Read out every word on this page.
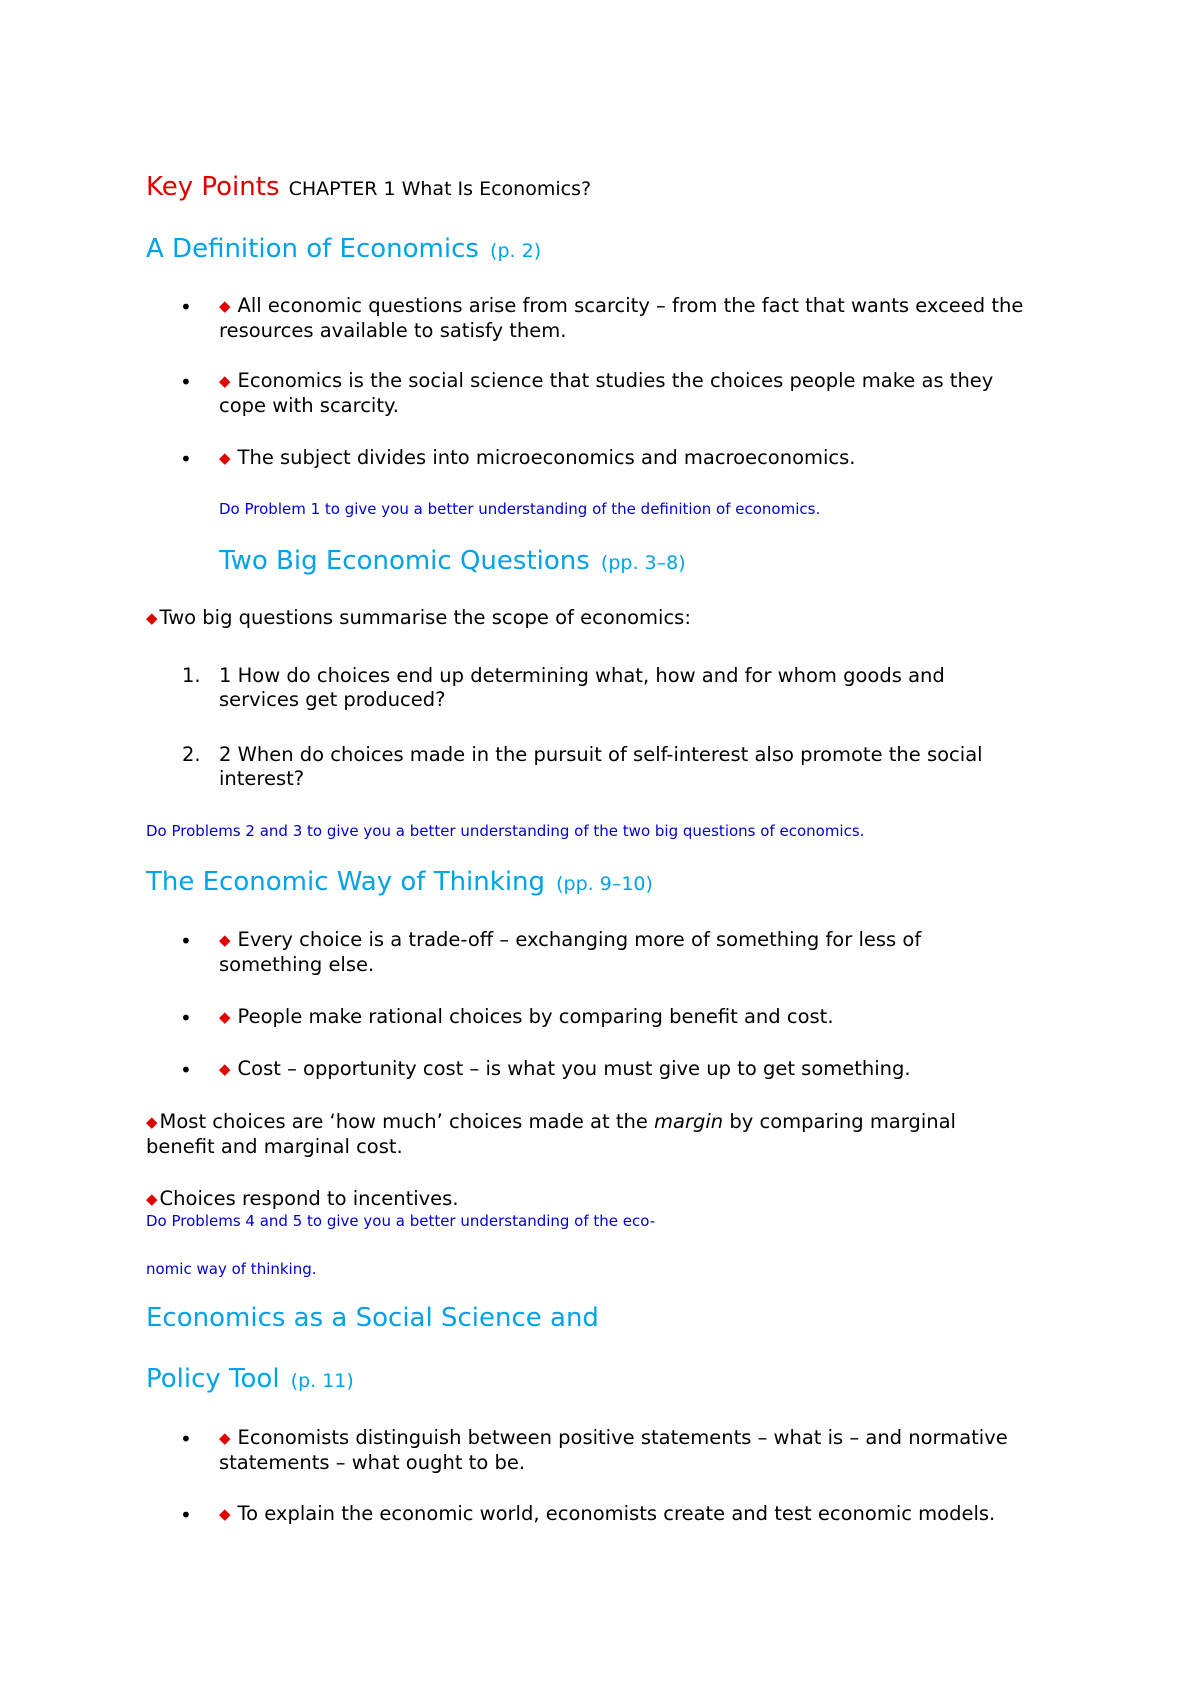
Key Points CHAPTER 1 What Is Economics?
A Definition of Economics (p. 2)
• ◆ All economic questions arise from scarcity – from the fact that wants exceed the
resources available to satisfy them.
• ◆ Economics is the social science that studies the choices people make as they
cope with scarcity.
• ◆ The subject divides into microeconomics and macroeconomics.
Do Problem 1 to give you a better understanding of the definition of economics.
Two Big Economic Questions (pp. 3–8)
◆ Two big questions summarise the scope of economics:
1. 1 How do choices end up determining what, how and for whom goods and
services get produced?
2. 2 When do choices made in the pursuit of self-interest also promote the social
interest?
Do Problems 2 and 3 to give you a better understanding of the two big questions of economics.
The Economic Way of Thinking (pp. 9–10)
• ◆ Every choice is a trade-off – exchanging more of something for less of
something else.
• ◆ People make rational choices by comparing benefit and cost.
• ◆ Cost – opportunity cost – is what you must give up to get something.
◆ Most choices are ‘how much’ choices made at the margin by comparing marginal
benefit and marginal cost.
◆ Choices respond to incentives.
Do Problems 4 and 5 to give you a better understanding of the eco-
nomic way of thinking.
Economics as a Social Science and
Policy Tool (p. 11)
• ◆ Economists distinguish between positive statements – what is – and normative
statements – what ought to be.
• ◆ To explain the economic world, economists create and test economic models.
